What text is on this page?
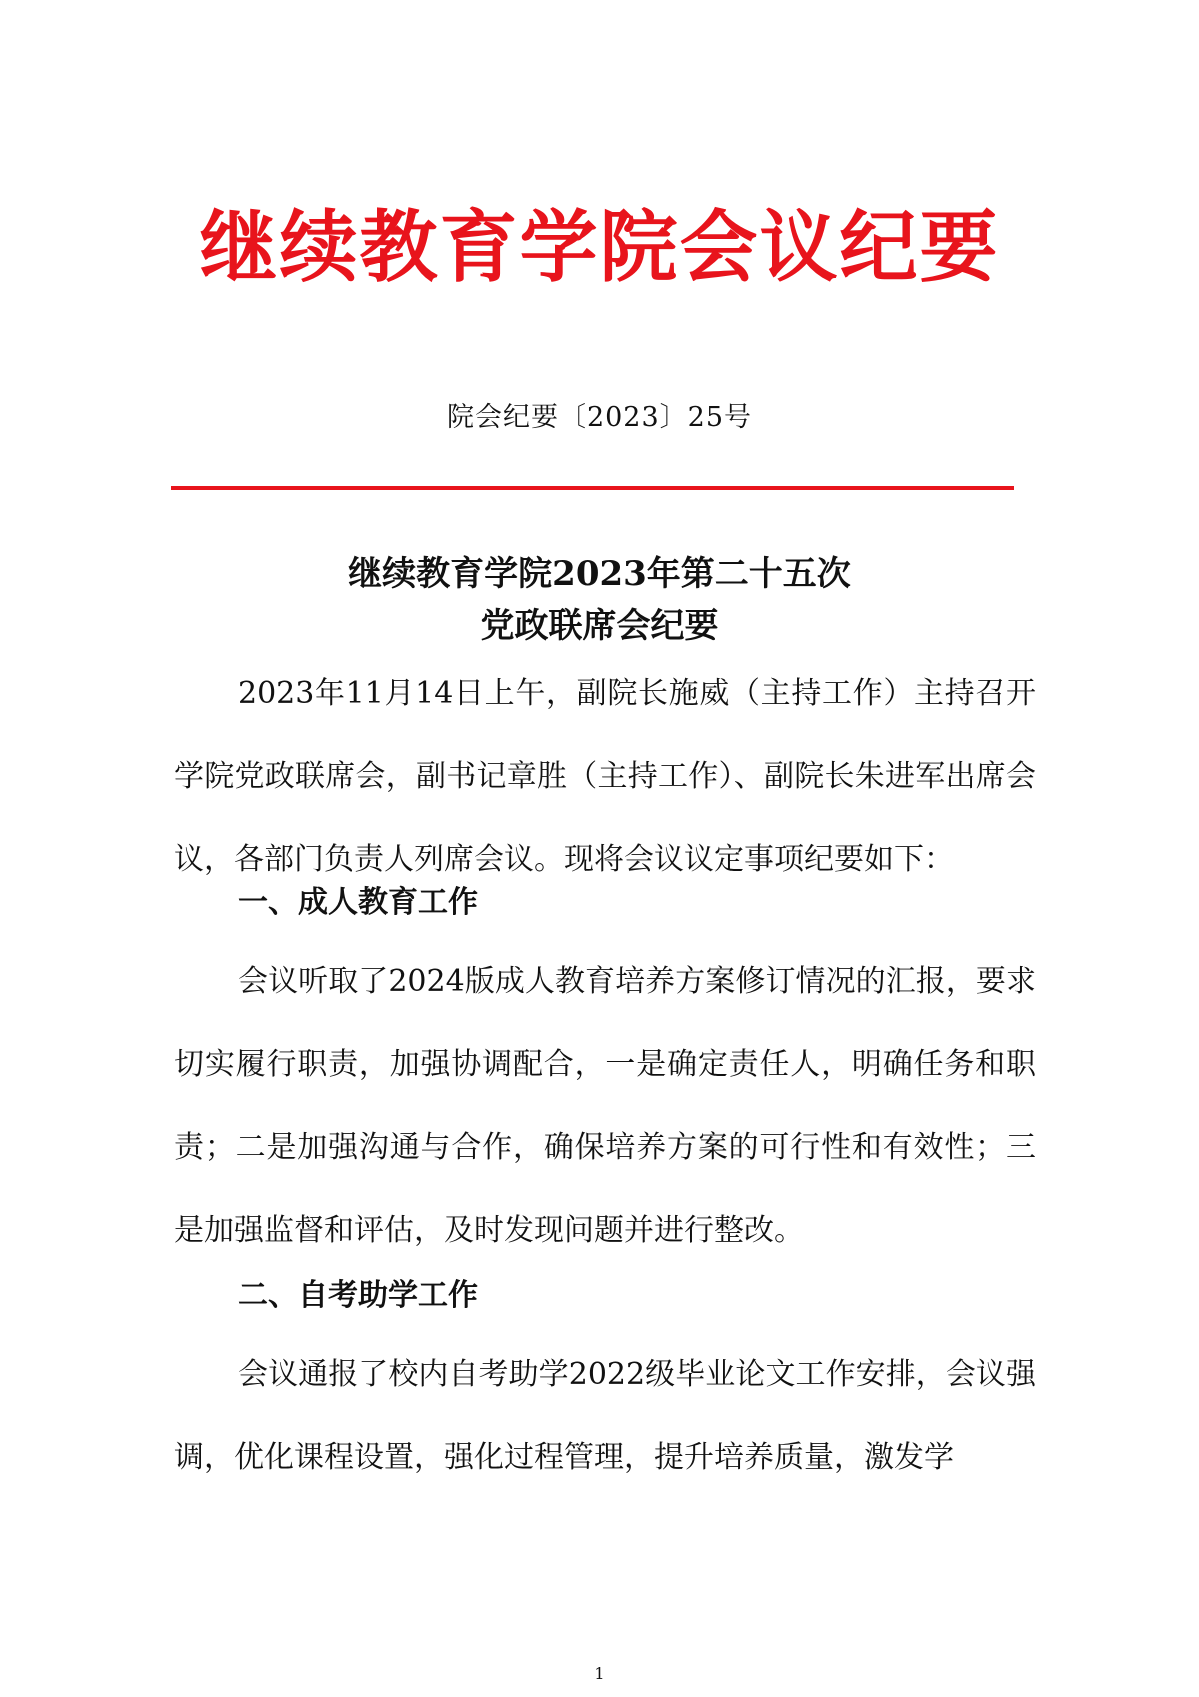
继续教育学院会议纪要
院会纪要〔2023〕25号
继续教育学院2023年第二十五次
党政联席会纪要

2023年11月14日上午，副院长施威（主持工作）主持召开学院党政联席会，副书记章胜（主持工作）、副院长朱进军出席会议，各部门负责人列席会议。现将会议议定事项纪要如下：

一、成人教育工作

会议听取了2024版成人教育培养方案修订情况的汇报，要求切实履行职责，加强协调配合，一是确定责任人，明确任务和职责；二是加强沟通与合作，确保培养方案的可行性和有效性；三是加强监督和评估，及时发现问题并进行整改。

二、自考助学工作

会议通报了校内自考助学2022级毕业论文工作安排，会议强调，优化课程设置，强化过程管理，提升培养质量，激发学

1
